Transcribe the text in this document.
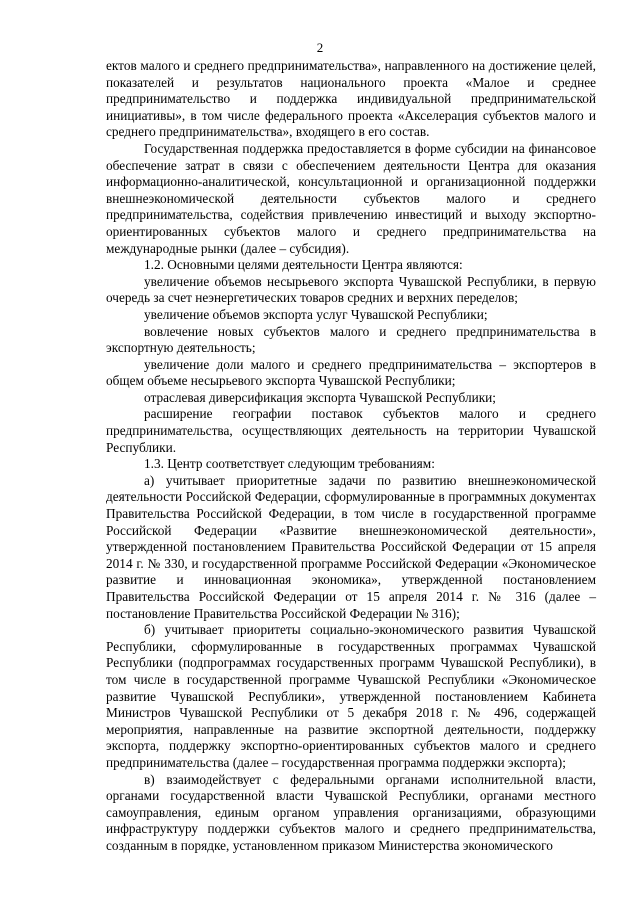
2

ектов малого и среднего предпринимательства», направленного на достижение целей, показателей и результатов национального проекта «Малое и среднее предпринимательство и поддержка индивидуальной предпринимательской инициативы», в том числе федерального проекта «Акселерация субъектов малого и среднего предпринимательства», входящего в его состав.

Государственная поддержка предоставляется в форме субсидии на финансовое обеспечение затрат в связи с обеспечением деятельности Центра для оказания информационно-аналитической, консультационной и организационной поддержки внешнеэкономической деятельности субъектов малого и среднего предпринимательства, содействия привлечению инвестиций и выходу экспортно-ориентированных субъектов малого и среднего предпринимательства на международные рынки (далее – субсидия).

1.2. Основными целями деятельности Центра являются:

увеличение объемов несырьевого экспорта Чувашской Республики, в первую очередь за счет неэнергетических товаров средних и верхних переделов;

увеличение объемов экспорта услуг Чувашской Республики;

вовлечение новых субъектов малого и среднего предпринимательства в экспортную деятельность;

увеличение доли малого и среднего предпринимательства – экспортеров в общем объеме несырьевого экспорта Чувашской Республики;

отраслевая диверсификация экспорта Чувашской Республики;

расширение географии поставок субъектов малого и среднего предпринимательства, осуществляющих деятельность на территории Чувашской Республики.

1.3. Центр соответствует следующим требованиям:

а) учитывает приоритетные задачи по развитию внешнеэкономической деятельности Российской Федерации, сформулированные в программных документах Правительства Российской Федерации, в том числе в государственной программе Российской Федерации «Развитие внешнеэкономической деятельности», утвержденной постановлением Правительства Российской Федерации от 15 апреля 2014 г. № 330, и государственной программе Российской Федерации «Экономическое развитие и инновационная экономика», утвержденной постановлением Правительства Российской Федерации от 15 апреля 2014 г. № 316 (далее – постановление Правительства Российской Федерации № 316);

б) учитывает приоритеты социально-экономического развития Чувашской Республики, сформулированные в государственных программах Чувашской Республики (подпрограммах государственных программ Чувашской Республики), в том числе в государственной программе Чувашской Республики «Экономическое развитие Чувашской Республики», утвержденной постановлением Кабинета Министров Чувашской Республики от 5 декабря 2018 г. № 496, содержащей мероприятия, направленные на развитие экспортной деятельности, поддержку экспорта, поддержку экспортно-ориентированных субъектов малого и среднего предпринимательства (далее – государственная программа поддержки экспорта);

в) взаимодействует с федеральными органами исполнительной власти, органами государственной власти Чувашской Республики, органами местного самоуправления, единым органом управления организациями, образующими инфраструктуру поддержки субъектов малого и среднего предпринимательства, созданным в порядке, установленном приказом Министерства экономического
